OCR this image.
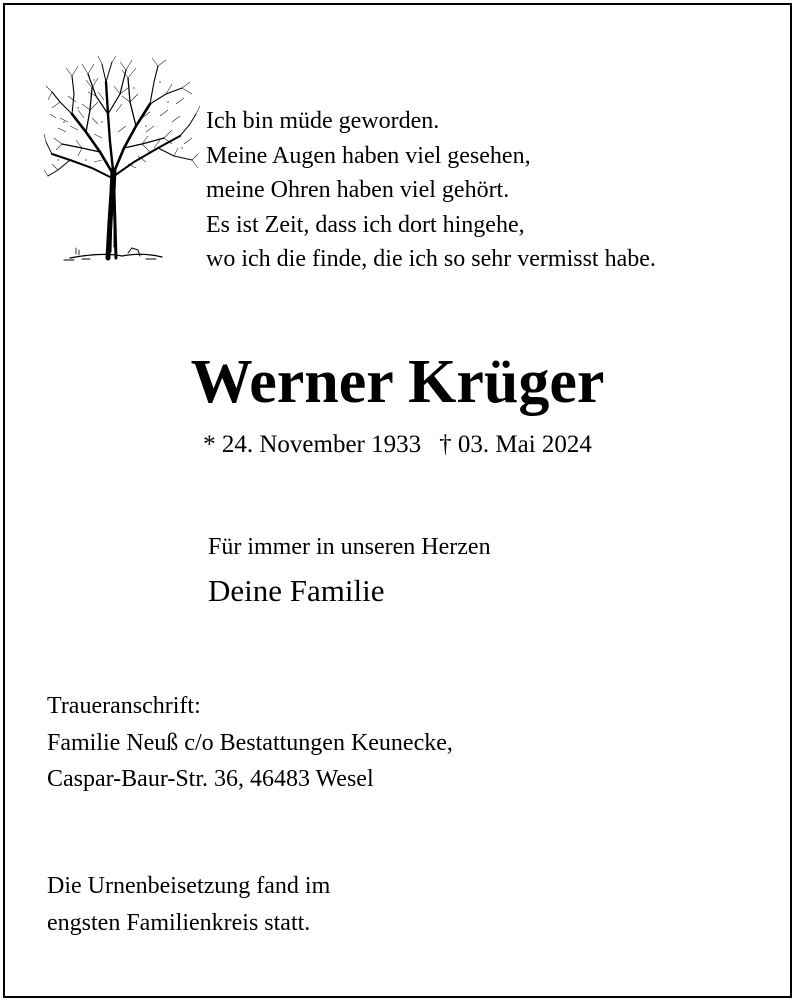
Ich bin müde geworden.
Meine Augen haben viel gesehen,
meine Ohren haben viel gehört.
Es ist Zeit, dass ich dort hingehe,
wo ich die finde, die ich so sehr vermisst habe.
Werner Krüger
* 24. November 1933 † 03. Mai 2024
Für immer in unseren Herzen
Deine Familie
Traueranschrift:
Familie Neuß c/o Bestattungen Keunecke,
Caspar-Baur-Str. 36, 46483 Wesel
Die Urnenbeisetzung fand im
engsten Familienkreis statt.
